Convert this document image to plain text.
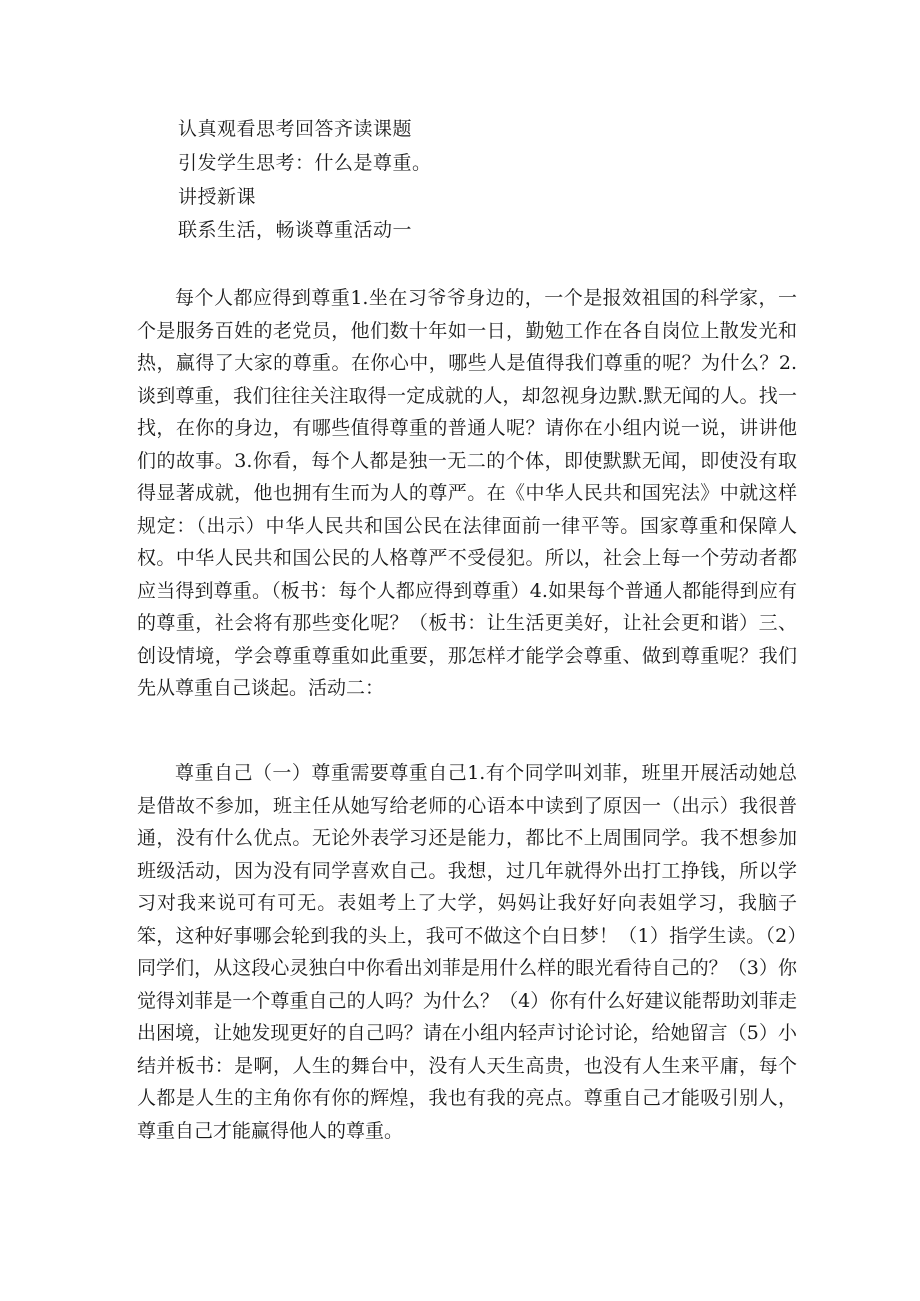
认真观看思考回答齐读课题
引发学生思考：什么是尊重。
讲授新课
联系生活，畅谈尊重活动一

每个人都应得到尊重1.坐在习爷爷身边的，一个是报效祖国的科学家，一个是服务百姓的老党员，他们数十年如一日，勤勉工作在各自岗位上散发光和热，赢得了大家的尊重。在你心中，哪些人是值得我们尊重的呢？为什么？2.谈到尊重，我们往往关注取得一定成就的人，却忽视身边默.默无闻的人。找一找，在你的身边，有哪些值得尊重的普通人呢？请你在小组内说一说，讲讲他们的故事。3.你看，每个人都是独一无二的个体，即使默默无闻，即使没有取得显著成就，他也拥有生而为人的尊严。在《中华人民共和国宪法》中就这样规定：（出示）中华人民共和国公民在法律面前一律平等。国家尊重和保障人权。中华人民共和国公民的人格尊严不受侵犯。所以，社会上每一个劳动者都应当得到尊重。（板书：每个人都应得到尊重）4.如果每个普通人都能得到应有的尊重，社会将有那些变化呢？（板书：让生活更美好，让社会更和谐）三、创设情境，学会尊重尊重如此重要，那怎样才能学会尊重、做到尊重呢？我们先从尊重自己谈起。活动二：

尊重自己（一）尊重需要尊重自己1.有个同学叫刘菲，班里开展活动她总是借故不参加，班主任从她写给老师的心语本中读到了原因一（出示）我很普通，没有什么优点。无论外表学习还是能力，都比不上周围同学。我不想参加班级活动，因为没有同学喜欢自己。我想，过几年就得外出打工挣钱，所以学习对我来说可有可无。表姐考上了大学，妈妈让我好好向表姐学习，我脑子笨，这种好事哪会轮到我的头上，我可不做这个白日梦！（1）指学生读。（2）同学们，从这段心灵独白中你看出刘菲是用什么样的眼光看待自己的？（3）你觉得刘菲是一个尊重自己的人吗？为什么？（4）你有什么好建议能帮助刘菲走出困境，让她发现更好的自己吗？请在小组内轻声讨论讨论，给她留言（5）小结并板书：是啊，人生的舞台中，没有人天生高贵，也没有人生来平庸，每个人都是人生的主角你有你的辉煌，我也有我的亮点。尊重自己才能吸引别人，尊重自己才能赢得他人的尊重。
